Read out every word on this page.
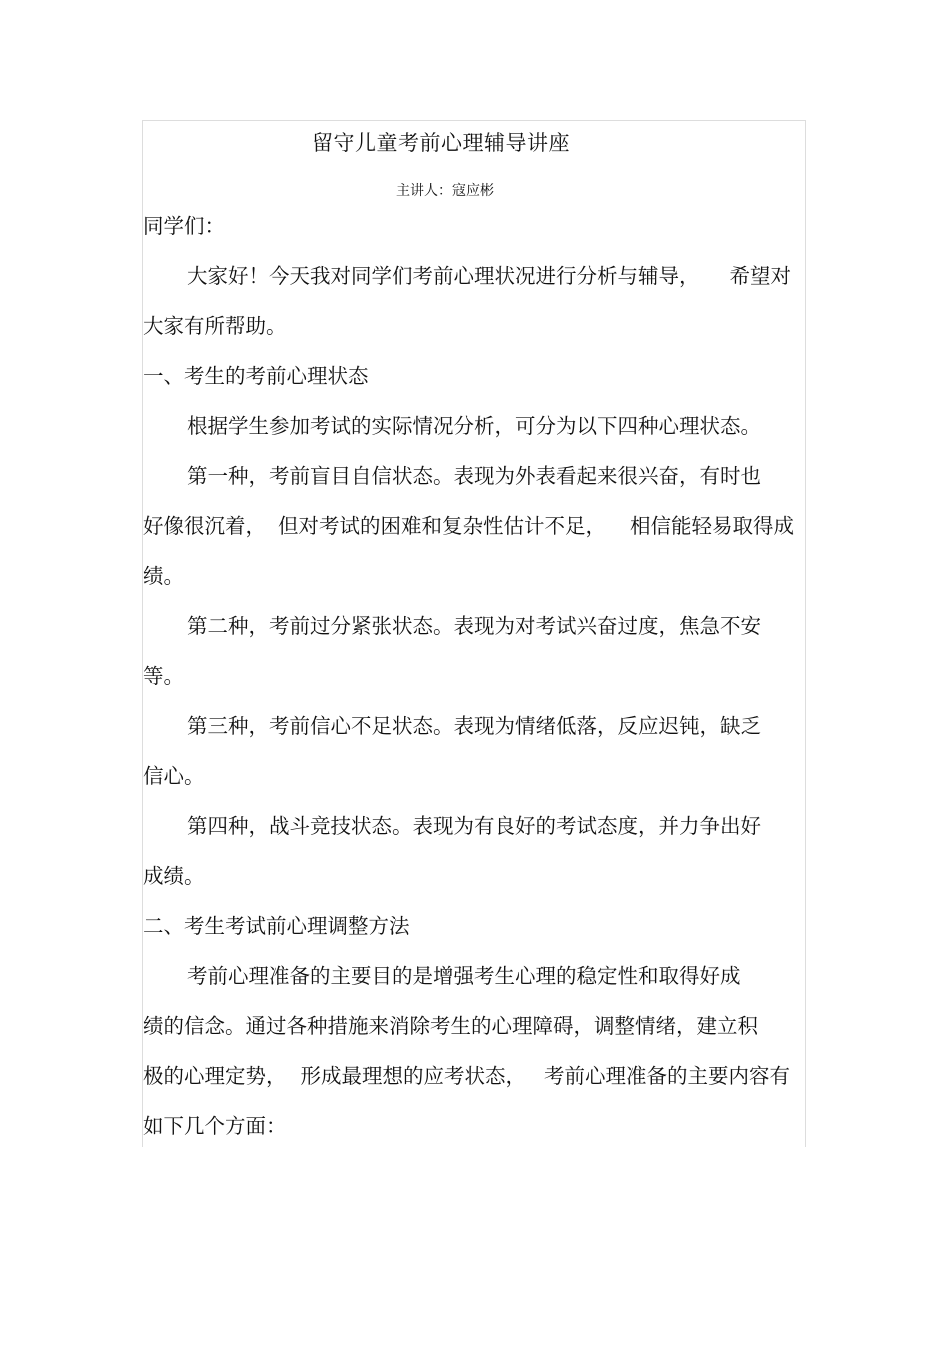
留守儿童考前心理辅导讲座
主讲人：寇应彬
同学们：
大家好！今天我对同学们考前心理状况进行分析与辅导， 希望对
大家有所帮助。
一、考生的考前心理状态
根据学生参加考试的实际情况分析，可分为以下四种心理状态。
第一种，考前盲目自信状态。表现为外表看起来很兴奋，有时也
好像很沉着， 但对考试的困难和复杂性估计不足， 相信能轻易取得成
绩。
第二种，考前过分紧张状态。表现为对考试兴奋过度，焦急不安
等。
第三种，考前信心不足状态。表现为情绪低落，反应迟钝，缺乏
信心。
第四种，战斗竞技状态。表现为有良好的考试态度，并力争出好
成绩。
二、考生考试前心理调整方法
考前心理准备的主要目的是增强考生心理的稳定性和取得好成
绩的信念。通过各种措施来消除考生的心理障碍，调整情绪，建立积
极的心理定势， 形成最理想的应考状态， 考前心理准备的主要内容有
如下几个方面：
